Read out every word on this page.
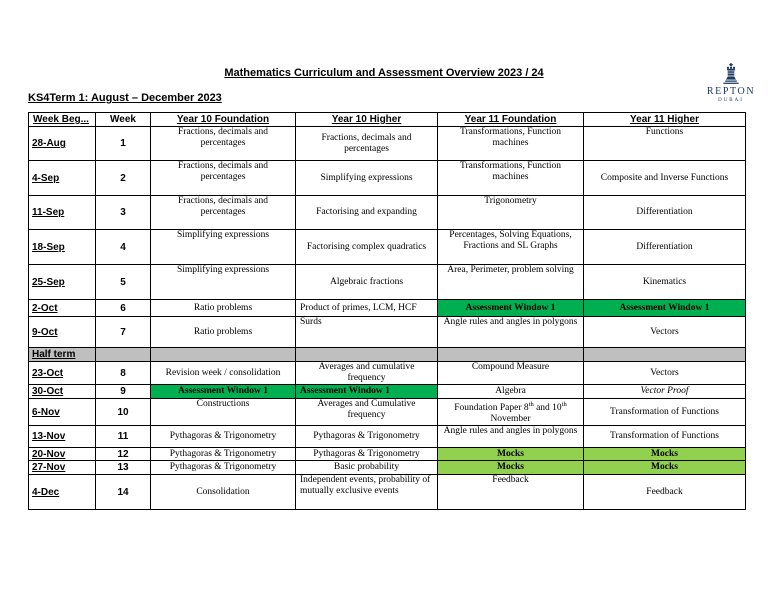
Mathematics Curriculum and Assessment Overview 2023 / 24
REPTON
DUBAI
KS4Term 1: August – December 2023
Week Beg...	Week	Year 10 Foundation	Year 10 Higher	Year 11 Foundation	Year 11 Higher
28-Aug	1	Fractions, decimals and percentages	Fractions, decimals and percentages	Transformations, Function machines	Functions
4-Sep	2	Fractions, decimals and percentages	Simplifying expressions	Transformations, Function machines	Composite and Inverse Functions
11-Sep	3	Fractions, decimals and percentages	Factorising and expanding	Trigonometry	Differentiation
18-Sep	4	Simplifying expressions	Factorising complex quadratics	Percentages, Solving Equations, Fractions and SL Graphs	Differentiation
25-Sep	5	Simplifying expressions	Algebraic fractions	Area, Perimeter, problem solving	Kinematics
2-Oct	6	Ratio problems	Product of primes, LCM, HCF	Assessment Window 1	Assessment Window 1
9-Oct	7	Ratio problems	Surds	Angle rules and angles in polygons	Vectors
Half term					
23-Oct	8	Revision week / consolidation	Averages and cumulative frequency	Compound Measure	Vectors
30-Oct	9	Assessment Window 1	Assessment Window 1	Algebra	Vector Proof
6-Nov	10	Constructions	Averages and Cumulative frequency	Foundation Paper 8th and 10th November	Transformation of Functions
13-Nov	11	Pythagoras & Trigonometry	Pythagoras & Trigonometry	Angle rules and angles in polygons	Transformation of Functions
20-Nov	12	Pythagoras & Trigonometry	Pythagoras & Trigonometry	Mocks	Mocks
27-Nov	13	Pythagoras & Trigonometry	Basic probability	Mocks	Mocks
4-Dec	14	Consolidation	Independent events, probability of mutually exclusive events	Feedback	Feedback
